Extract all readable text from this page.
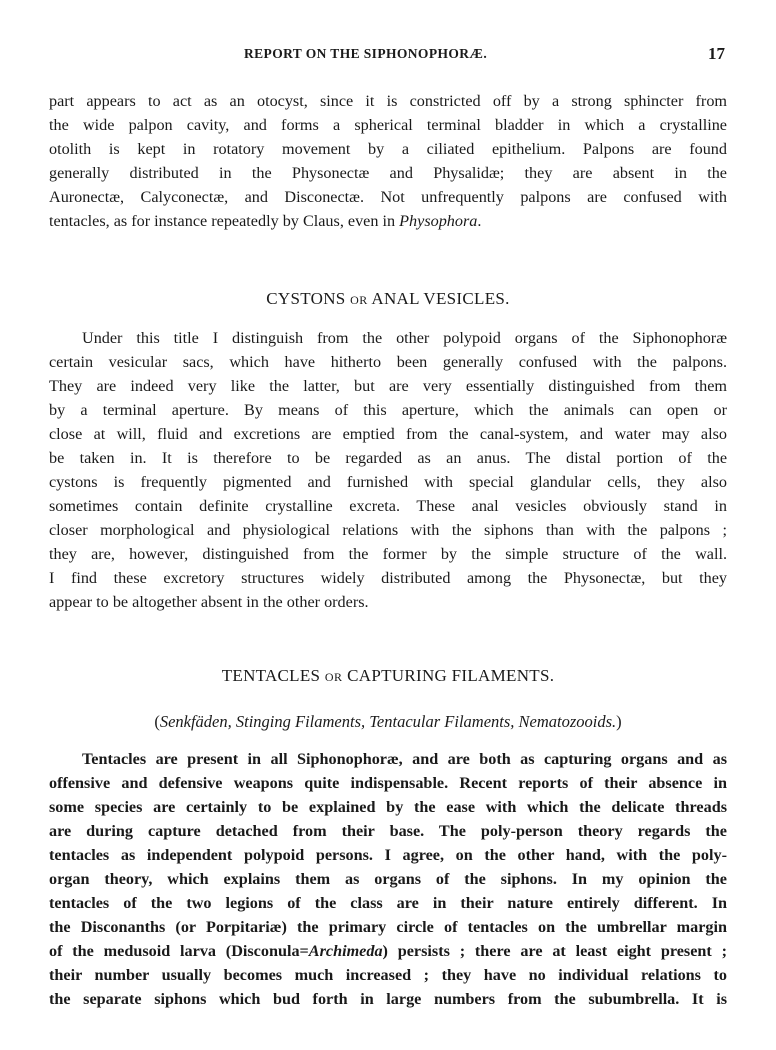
REPORT ON THE SIPHONOPHORÆ.	17
part appears to act as an otocyst, since it is constricted off by a strong sphincter from
the wide palpon cavity, and forms a spherical terminal bladder in which a crystalline
otolith is kept in rotatory movement by a ciliated epithelium. Palpons are found
generally distributed in the Physonectæ and Physalidæ; they are absent in the
Auronectæ, Calyconectæ, and Disconectæ. Not unfrequently palpons are confused with
tentacles, as for instance repeatedly by Claus, even in Physophora.
CYSTONS OR ANAL VESICLES.
Under this title I distinguish from the other polypoid organs of the Siphonophoræ
certain vesicular sacs, which have hitherto been generally confused with the palpons.
They are indeed very like the latter, but are very essentially distinguished from them
by a terminal aperture. By means of this aperture, which the animals can open or
close at will, fluid and excretions are emptied from the canal-system, and water may also
be taken in. It is therefore to be regarded as an anus. The distal portion of the
cystons is frequently pigmented and furnished with special glandular cells, they also
sometimes contain definite crystalline excreta. These anal vesicles obviously stand in
closer morphological and physiological relations with the siphons than with the palpons ;
they are, however, distinguished from the former by the simple structure of the wall.
I find these excretory structures widely distributed among the Physonectæ, but they
appear to be altogether absent in the other orders.
TENTACLES OR CAPTURING FILAMENTS.
(Senkfäden, Stinging Filaments, Tentacular Filaments, Nematozooids.)
Tentacles are present in all Siphonophoræ, and are both as capturing organs and as
offensive and defensive weapons quite indispensable. Recent reports of their absence in
some species are certainly to be explained by the ease with which the delicate threads
are during capture detached from their base. The poly-person theory regards the
tentacles as independent polypoid persons. I agree, on the other hand, with the poly-
organ theory, which explains them as organs of the siphons. In my opinion the
tentacles of the two legions of the class are in their nature entirely different. In
the Disconanths (or Porpitariæ) the primary circle of tentacles on the umbrellar margin
of the medusoid larva (Disconula=Archimeda) persists ; there are at least eight present ;
their number usually becomes much increased ; they have no individual relations to
the separate siphons which bud forth in large numbers from the subumbrella. It is
